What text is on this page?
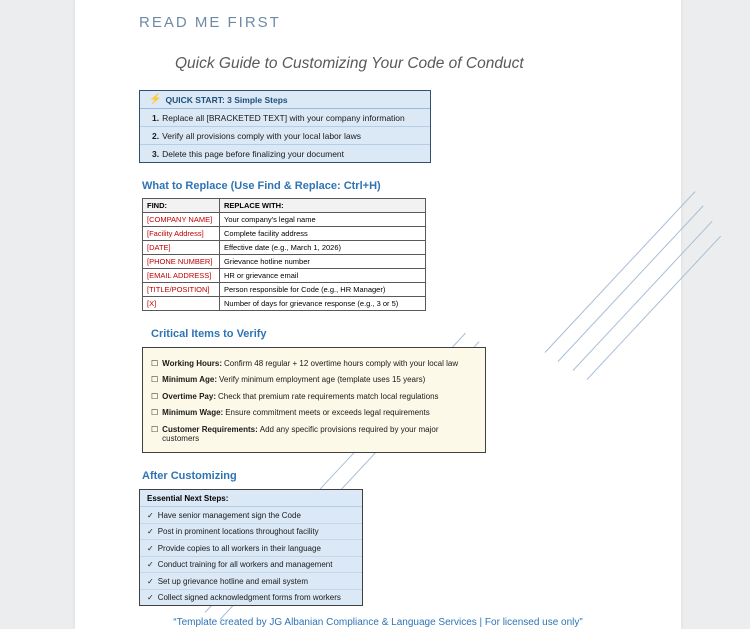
READ ME FIRST
Quick Guide to Customizing Your Code of Conduct
⚡ QUICK START: 3 Simple Steps
1. Replace all [BRACKETED TEXT] with your company information
2. Verify all provisions comply with your local labor laws
3. Delete this page before finalizing your document
What to Replace (Use Find & Replace: Ctrl+H)
FIND:	REPLACE WITH:
[COMPANY NAME]	Your company's legal name
[Facility Address]	Complete facility address
[DATE]	Effective date (e.g., March 1, 2026)
[PHONE NUMBER]	Grievance hotline number
[EMAIL ADDRESS]	HR or grievance email
[TITLE/POSITION]	Person responsible for Code (e.g., HR Manager)
[X]	Number of days for grievance response (e.g., 3 or 5)
Critical Items to Verify
☐ Working Hours: Confirm 48 regular + 12 overtime hours comply with your local law
☐ Minimum Age: Verify minimum employment age (template uses 15 years)
☐ Overtime Pay: Check that premium rate requirements match local regulations
☐ Minimum Wage: Ensure commitment meets or exceeds legal requirements
☐ Customer Requirements: Add any specific provisions required by your major customers
After Customizing
Essential Next Steps:
✓ Have senior management sign the Code
✓ Post in prominent locations throughout facility
✓ Provide copies to all workers in their language
✓ Conduct training for all workers and management
✓ Set up grievance hotline and email system
✓ Collect signed acknowledgment forms from workers
“Template created by JG Albanian Compliance & Language Services | For licensed use only”
